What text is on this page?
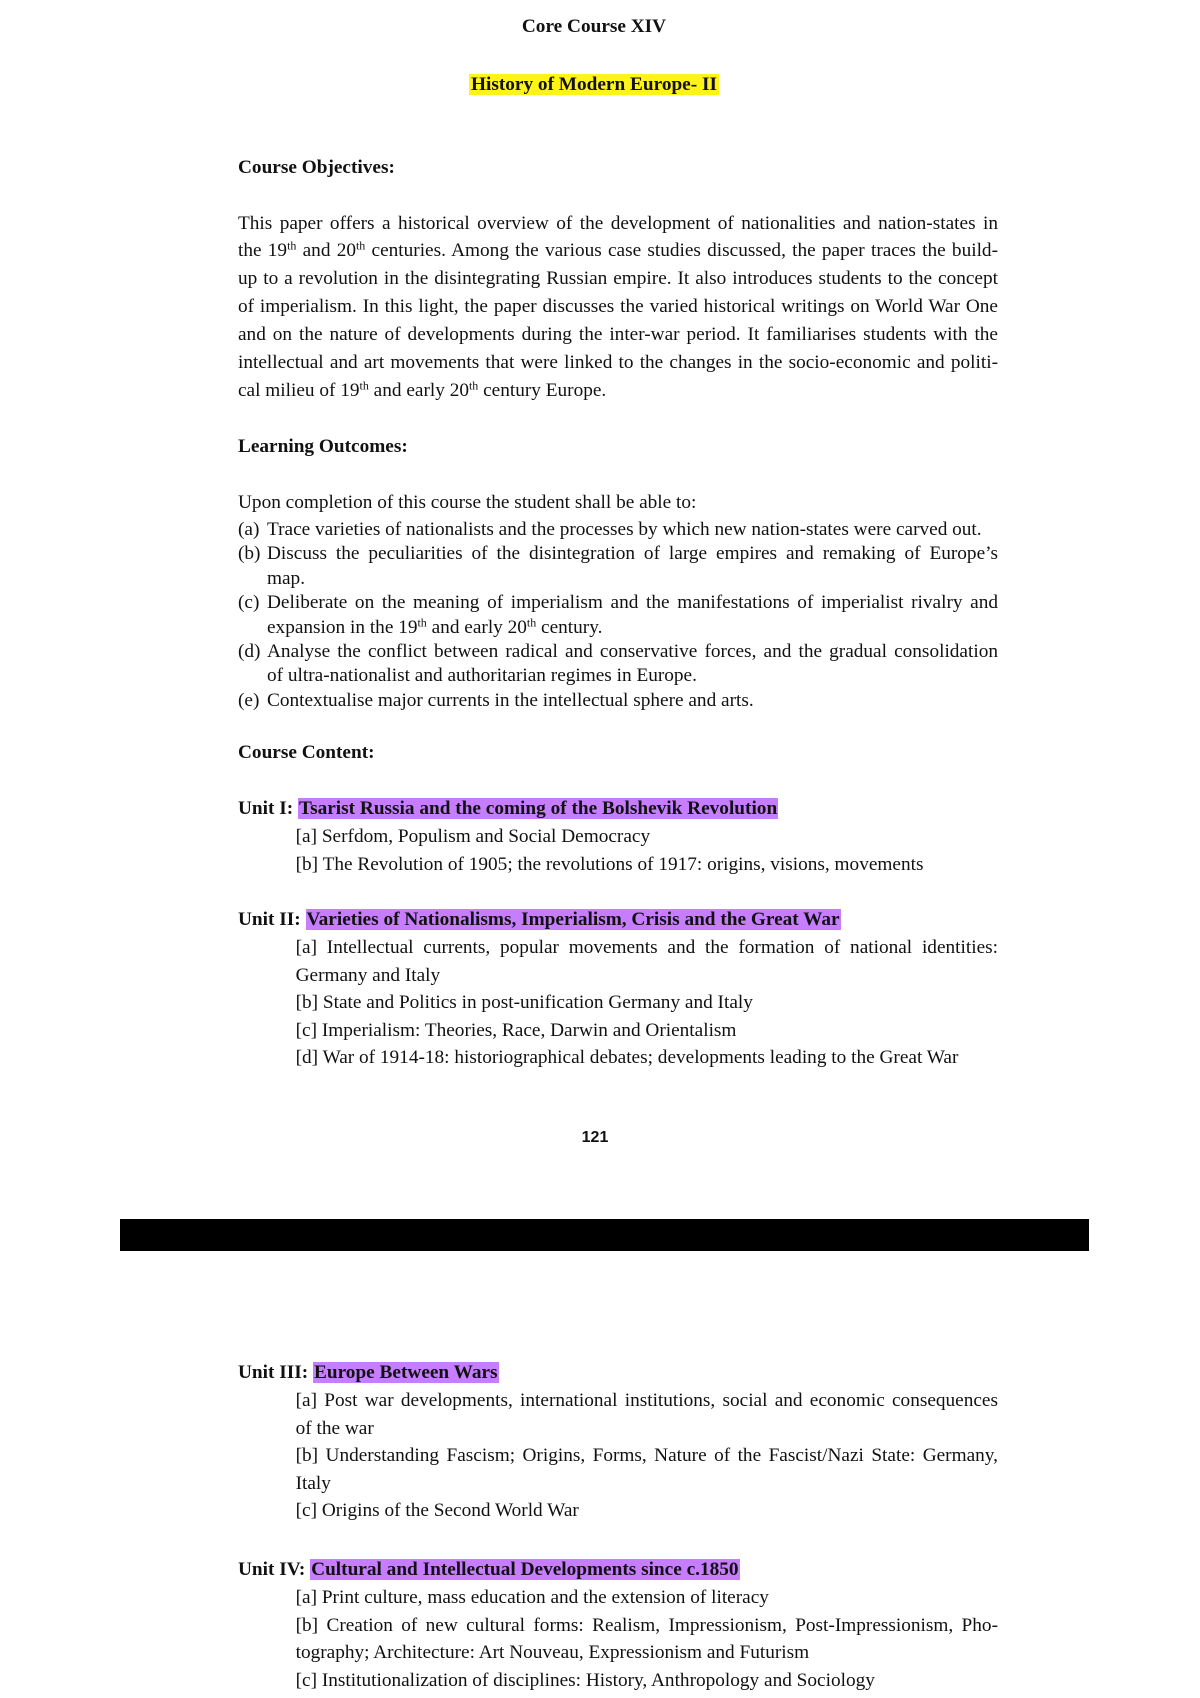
Core Course XIV
History of Modern Europe- II
Course Objectives:
This paper offers a historical overview of the development of nationalities and nation-states in
the 19th and 20th centuries. Among the various case studies discussed, the paper traces the build-
up to a revolution in the disintegrating Russian empire. It also introduces students to the concept
of imperialism. In this light, the paper discusses the varied historical writings on World War One
and on the nature of developments during the inter-war period. It familiarises students with the
intellectual and art movements that were linked to the changes in the socio-economic and politi-
cal milieu of 19th and early 20th century Europe.
Learning Outcomes:
Upon completion of this course the student shall be able to:
(a) Trace varieties of nationalists and the processes by which new nation-states were carved out.
(b) Discuss the peculiarities of the disintegration of large empires and remaking of Europe’s
map.
(c) Deliberate on the meaning of imperialism and the manifestations of imperialist rivalry and
expansion in the 19th and early 20th century.
(d) Analyse the conflict between radical and conservative forces, and the gradual consolidation
of ultra-nationalist and authoritarian regimes in Europe.
(e) Contextualise major currents in the intellectual sphere and arts.
Course Content:
Unit I: Tsarist Russia and the coming of the Bolshevik Revolution
[a] Serfdom, Populism and Social Democracy
[b] The Revolution of 1905; the revolutions of 1917: origins, visions, movements
Unit II: Varieties of Nationalisms, Imperialism, Crisis and the Great War
[a] Intellectual currents, popular movements and the formation of national identities:
Germany and Italy
[b] State and Politics in post-unification Germany and Italy
[c] Imperialism: Theories, Race, Darwin and Orientalism
[d] War of 1914-18: historiographical debates; developments leading to the Great War
121
Unit III: Europe Between Wars
[a] Post war developments, international institutions, social and economic consequences
of the war
[b] Understanding Fascism; Origins, Forms, Nature of the Fascist/Nazi State: Germany,
Italy
[c] Origins of the Second World War
Unit IV: Cultural and Intellectual Developments since c.1850
[a] Print culture, mass education and the extension of literacy
[b] Creation of new cultural forms: Realism, Impressionism, Post-Impressionism, Pho-
tography; Architecture: Art Nouveau, Expressionism and Futurism
[c] Institutionalization of disciplines: History, Anthropology and Sociology
